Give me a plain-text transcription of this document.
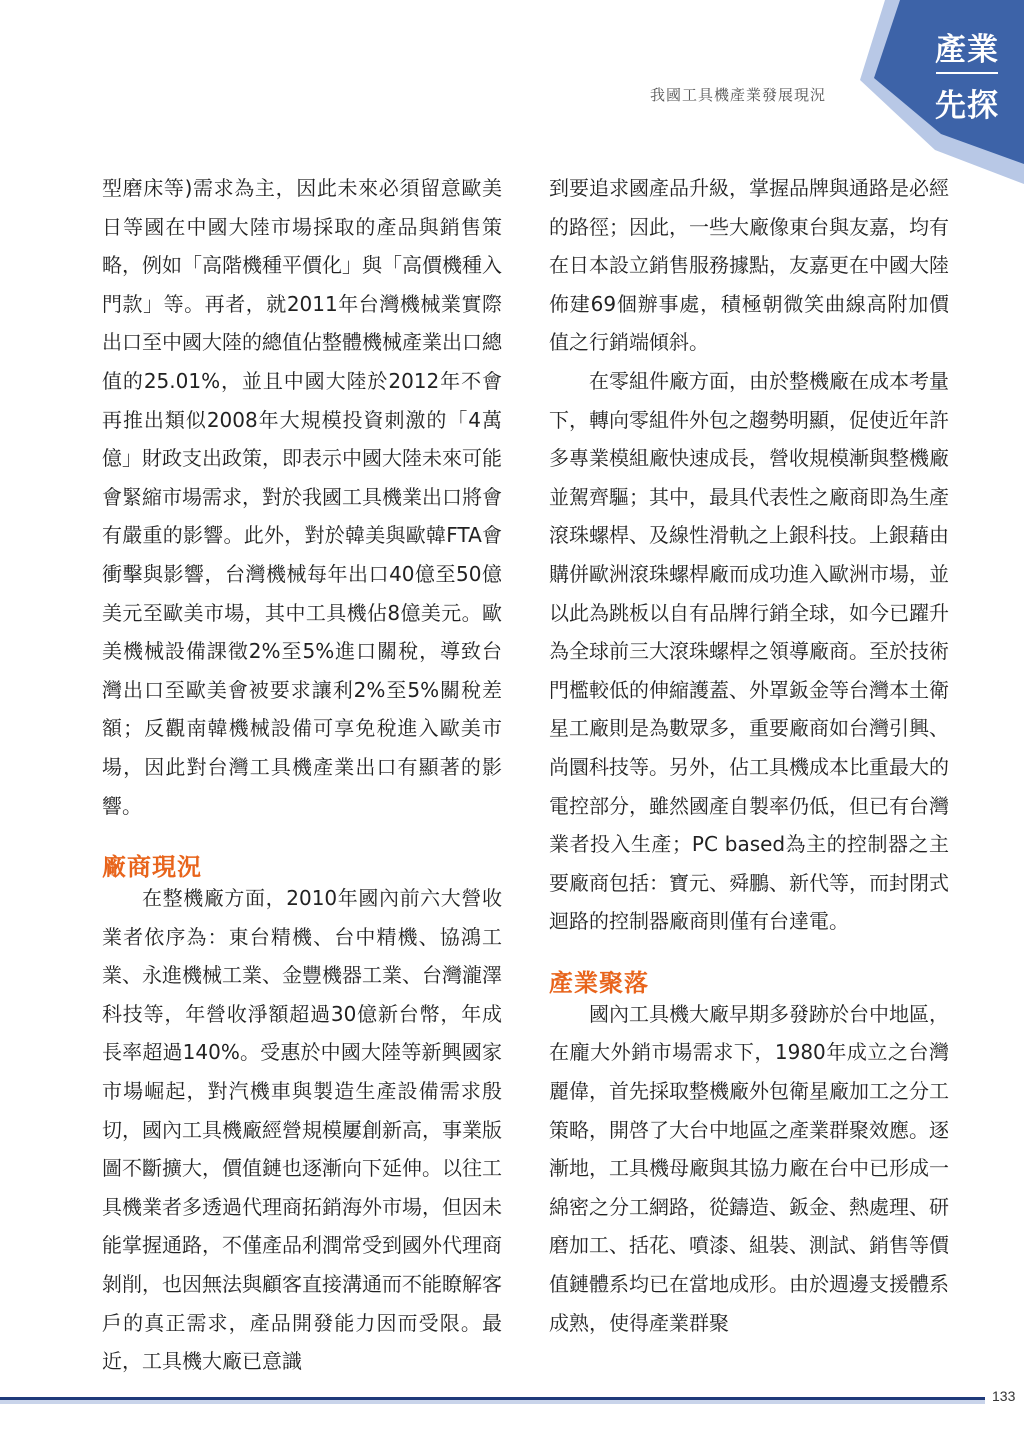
我國工具機產業發展現況
產業
先探

型磨床等)需求為主，因此未來必須留意歐美日等國在中國大陸市場採取的產品與銷售策略，例如「高階機種平價化」與「高價機種入門款」等。再者，就2011年台灣機械業實際出口至中國大陸的總值佔整體機械產業出口總值的25.01%，並且中國大陸於2012年不會再推出類似2008年大規模投資刺激的「4萬億」財政支出政策，即表示中國大陸未來可能會緊縮市場需求，對於我國工具機業出口將會有嚴重的影響。此外，對於韓美與歐韓FTA會衝擊與影響，台灣機械每年出口40億至50億美元至歐美市場，其中工具機佔8億美元。歐美機械設備課徵2%至5%進口關稅，導致台灣出口至歐美會被要求讓利2%至5%關稅差額；反觀南韓機械設備可享免稅進入歐美市場，因此對台灣工具機產業出口有顯著的影響。

廠商現況

在整機廠方面，2010年國內前六大營收業者依序為：東台精機、台中精機、協鴻工業、永進機械工業、金豐機器工業、台灣瀧澤科技等，年營收淨額超過30億新台幣，年成長率超過140%。受惠於中國大陸等新興國家市場崛起，對汽機車與製造生產設備需求殷切，國內工具機廠經營規模屢創新高，事業版圖不斷擴大，價值鏈也逐漸向下延伸。以往工具機業者多透過代理商拓銷海外市場，但因未能掌握通路，不僅產品利潤常受到國外代理商剝削，也因無法與顧客直接溝通而不能瞭解客戶的真正需求，產品開發能力因而受限。最近，工具機大廠已意識

到要追求國產品升級，掌握品牌與通路是必經的路徑；因此，一些大廠像東台與友嘉，均有在日本設立銷售服務據點，友嘉更在中國大陸佈建69個辦事處，積極朝微笑曲線高附加價值之行銷端傾斜。

在零組件廠方面，由於整機廠在成本考量下，轉向零組件外包之趨勢明顯，促使近年許多專業模組廠快速成長，營收規模漸與整機廠並駕齊驅；其中，最具代表性之廠商即為生產滾珠螺桿、及線性滑軌之上銀科技。上銀藉由購併歐洲滾珠螺桿廠而成功進入歐洲市場，並以此為跳板以自有品牌行銷全球，如今已躍升為全球前三大滾珠螺桿之領導廠商。至於技術門檻較低的伸縮護蓋、外罩鈑金等台灣本土衛星工廠則是為數眾多，重要廠商如台灣引興、尚圜科技等。另外，佔工具機成本比重最大的電控部分，雖然國產自製率仍低，但已有台灣業者投入生產；PC based為主的控制器之主要廠商包括：寶元、舜鵬、新代等，而封閉式迴路的控制器廠商則僅有台達電。

產業聚落

國內工具機大廠早期多發跡於台中地區，在龐大外銷市場需求下，1980年成立之台灣麗偉，首先採取整機廠外包衛星廠加工之分工策略，開啓了大台中地區之產業群聚效應。逐漸地，工具機母廠與其協力廠在台中已形成一綿密之分工網路，從鑄造、鈑金、熱處理、研磨加工、括花、噴漆、組裝、測試、銷售等價值鏈體系均已在當地成形。由於週邊支援體系成熟，使得產業群聚

133
